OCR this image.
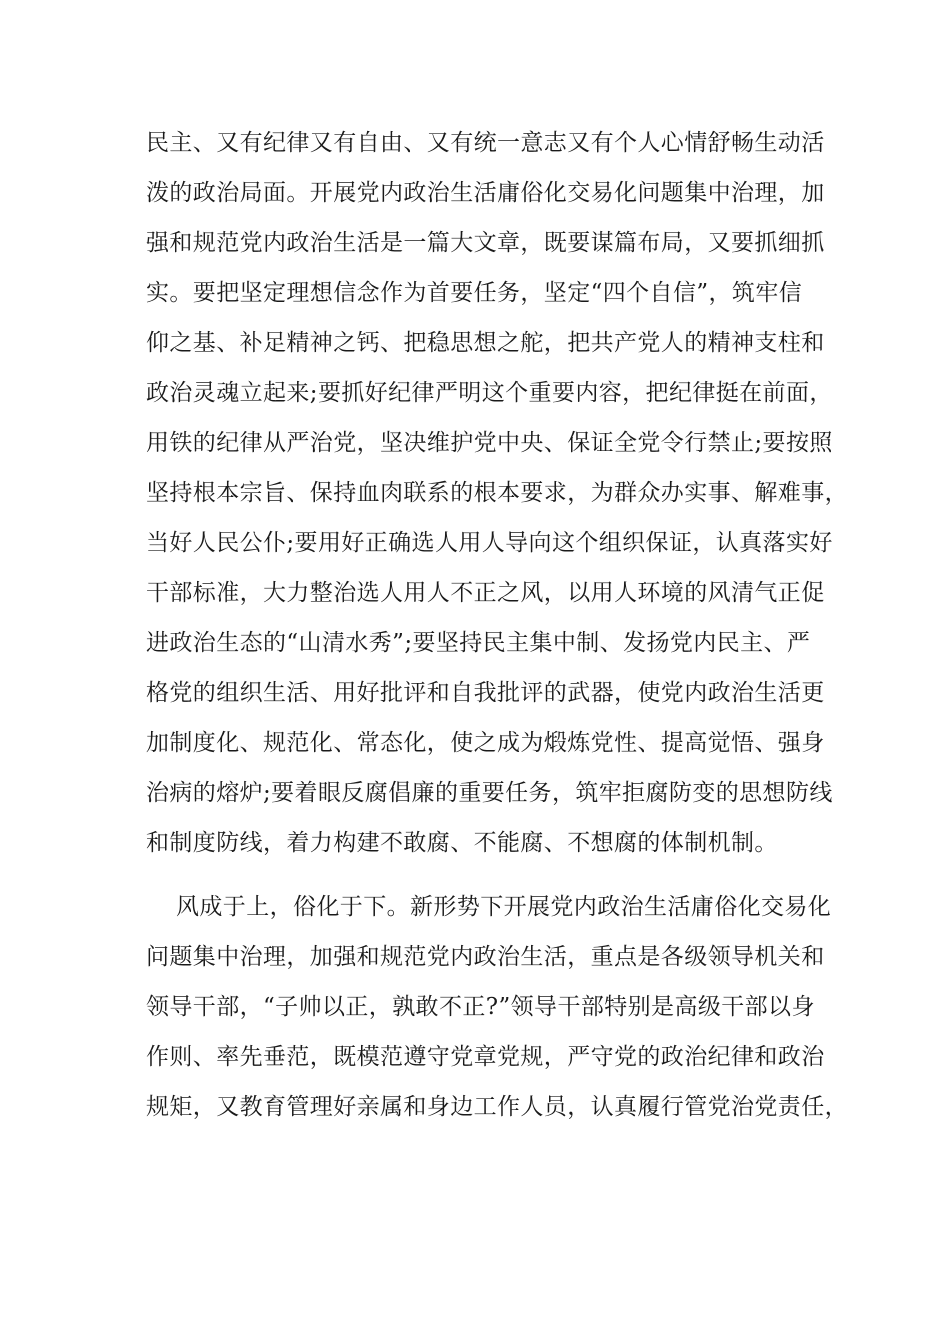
民主、又有纪律又有自由、又有统一意志又有个人心情舒畅生动活
泼的政治局面。开展党内政治生活庸俗化交易化问题集中治理，加
强和规范党内政治生活是一篇大文章，既要谋篇布局，又要抓细抓
实。要把坚定理想信念作为首要任务，坚定“四个自信”，筑牢信
仰之基、补足精神之钙、把稳思想之舵，把共产党人的精神支柱和
政治灵魂立起来;要抓好纪律严明这个重要内容，把纪律挺在前面，
用铁的纪律从严治党，坚决维护党中央、保证全党令行禁止;要按照
坚持根本宗旨、保持血肉联系的根本要求，为群众办实事、解难事，
当好人民公仆;要用好正确选人用人导向这个组织保证，认真落实好
干部标准，大力整治选人用人不正之风，以用人环境的风清气正促
进政治生态的“山清水秀”;要坚持民主集中制、发扬党内民主、严
格党的组织生活、用好批评和自我批评的武器，使党内政治生活更
加制度化、规范化、常态化，使之成为煅炼党性、提高觉悟、强身
治病的熔炉;要着眼反腐倡廉的重要任务，筑牢拒腐防变的思想防线
和制度防线，着力构建不敢腐、不能腐、不想腐的体制机制。
风成于上，俗化于下。新形势下开展党内政治生活庸俗化交易化
问题集中治理，加强和规范党内政治生活，重点是各级领导机关和
领导干部，“子帅以正，孰敢不正?”领导干部特别是高级干部以身
作则、率先垂范，既模范遵守党章党规，严守党的政治纪律和政治
规矩，又教育管理好亲属和身边工作人员，认真履行管党治党责任，
